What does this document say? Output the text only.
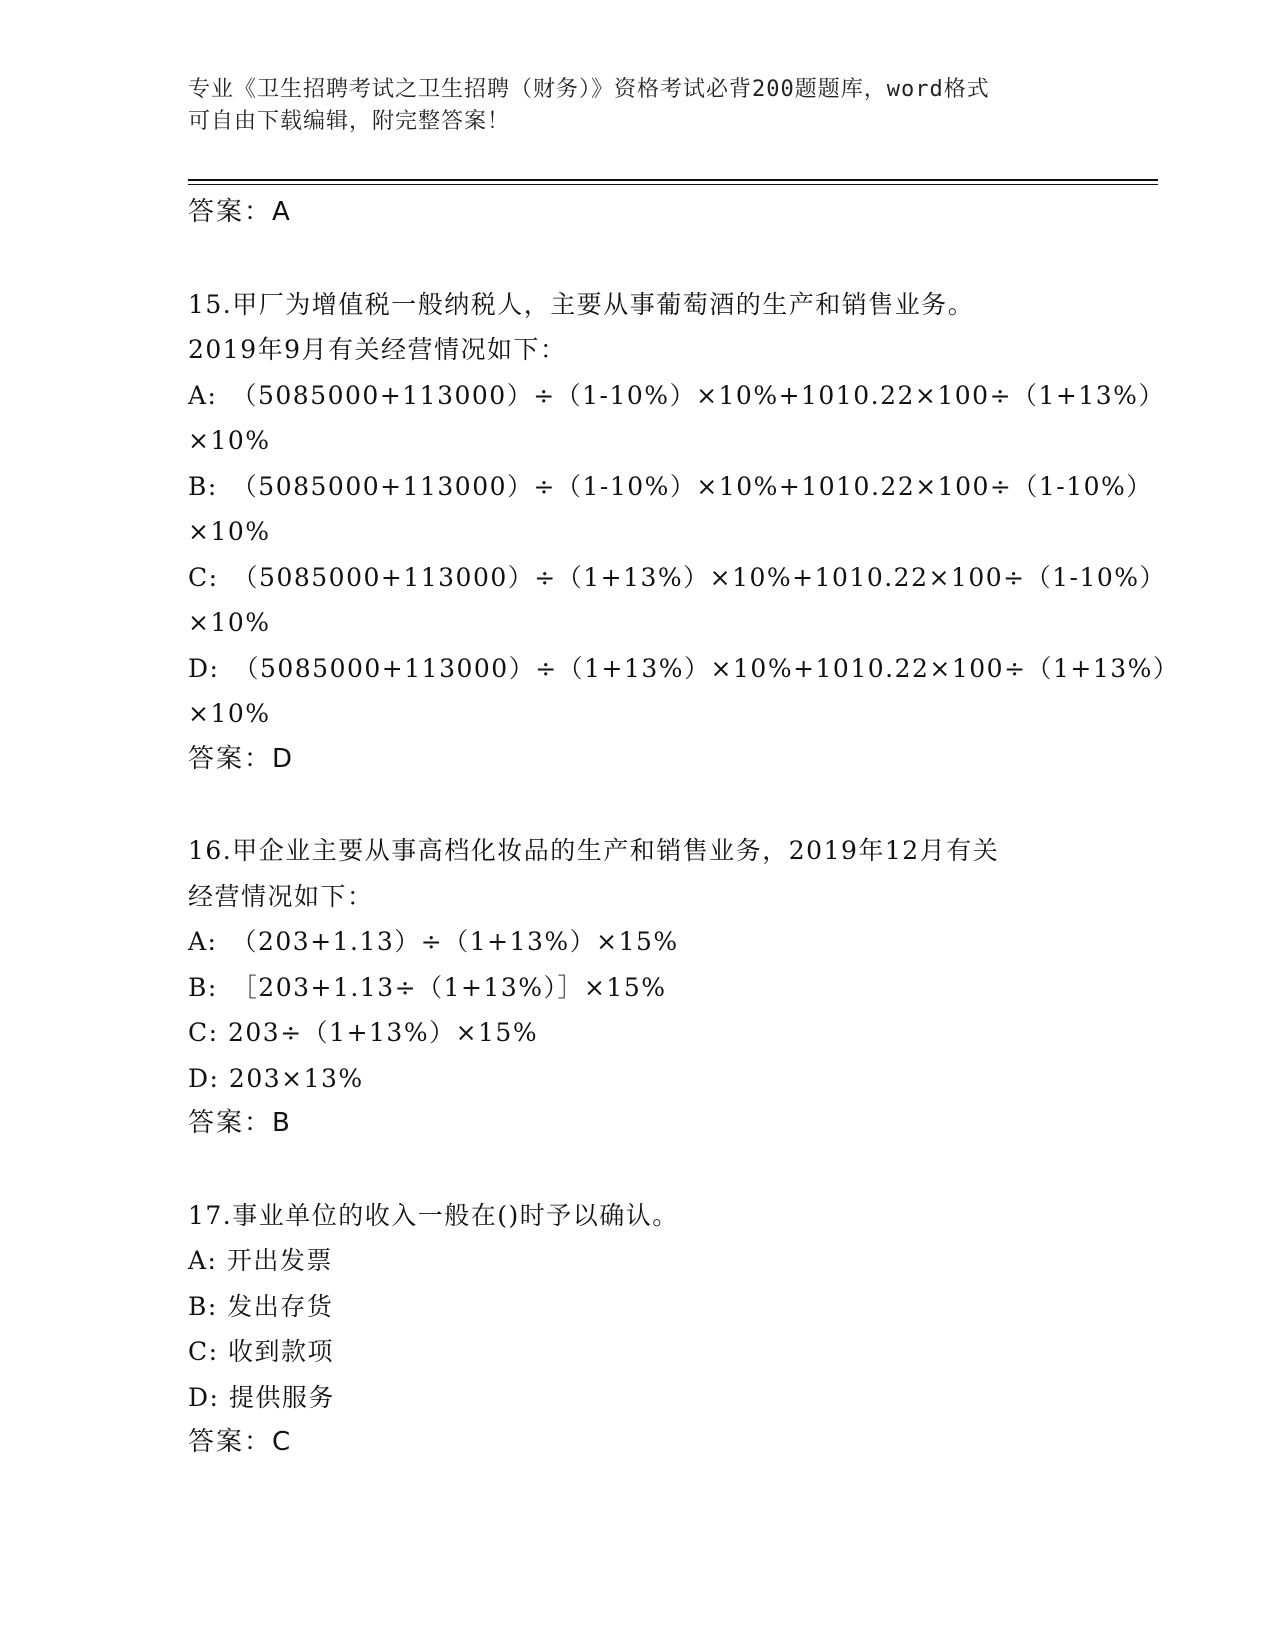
专业《卫生招聘考试之卫生招聘（财务）》资格考试必背200题题库，word格式
可自由下载编辑，附完整答案！
答案：A
15.甲厂为增值税一般纳税人，主要从事葡萄酒的生产和销售业务。
2019年9月有关经营情况如下：
A:　（5085000+113000）÷（1-10%）×10%+1010.22×100÷（1+13%）
×10%
B:　（5085000+113000）÷（1-10%）×10%+1010.22×100÷（1-10%）
×10%
C:　（5085000+113000）÷（1+13%）×10%+1010.22×100÷（1-10%）
×10%
D:　（5085000+113000）÷（1+13%）×10%+1010.22×100÷（1+13%）
×10%
答案：D
16.甲企业主要从事高档化妆品的生产和销售业务，2019年12月有关
经营情况如下：
A:　（203+1.13）÷（1+13%）×15%
B:　［203+1.13÷（1+13%）］×15%
C: 203÷（1+13%）×15%
D: 203×13%
答案：B
17.事业单位的收入一般在()时予以确认。
A: 开出发票
B: 发出存货
C: 收到款项
D: 提供服务
答案：C
